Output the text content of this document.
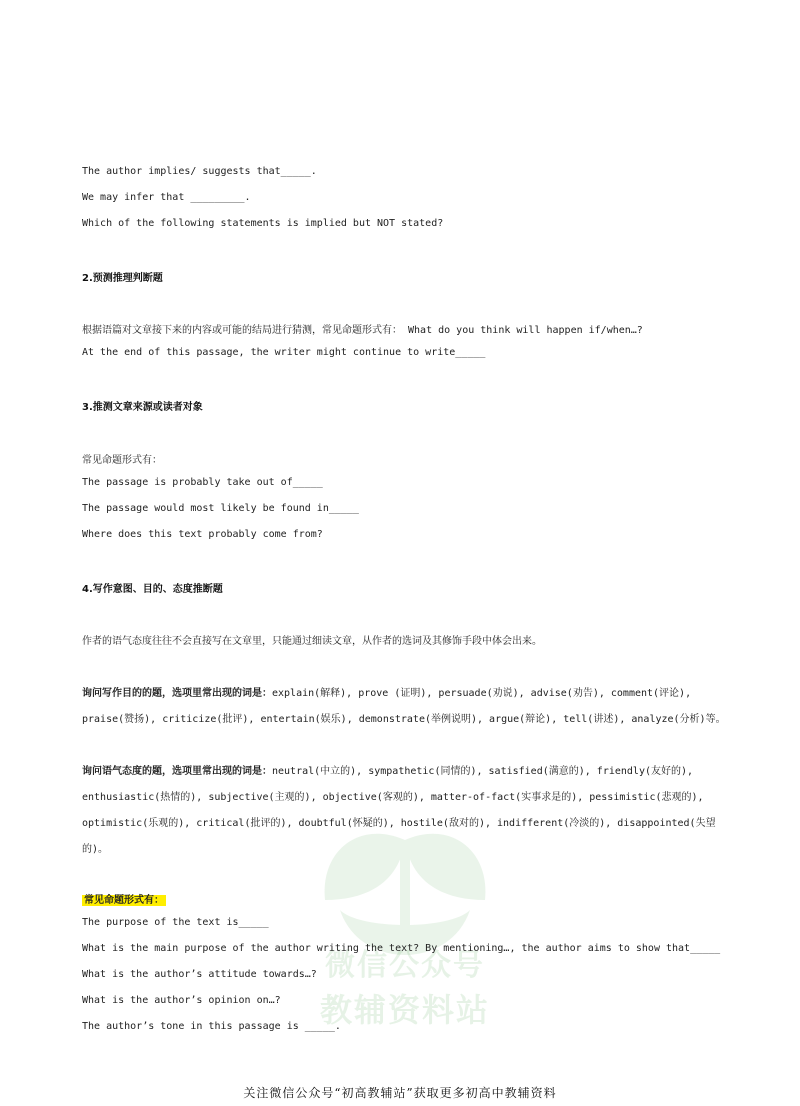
微信公众号
教辅资料站
The author implies/ suggests that_____.
We may infer that _________.
Which of the following statements is implied but NOT stated?
2.预测推理判断题
根据语篇对文章接下来的内容或可能的结局进行猜测，常见命题形式有： What do you think will happen if/when…?
At the end of this passage, the writer might continue to write_____
3.推测文章来源或读者对象
常见命题形式有：
The passage is probably take out of_____
The passage would most likely be found in_____
Where does this text probably come from?
4.写作意图、目的、态度推断题
作者的语气态度往往不会直接写在文章里，只能通过细读文章，从作者的选词及其修饰手段中体会出来。
询问写作目的的题，选项里常出现的词是：explain(解释), prove (证明), persuade(劝说), advise(劝告), comment(评论),
praise(赞扬), criticize(批评), entertain(娱乐), demonstrate(举例说明), argue(辩论), tell(讲述), analyze(分析)等。
询问语气态度的题，选项里常出现的词是：neutral(中立的), sympathetic(同情的), satisfied(满意的), friendly(友好的),
enthusiastic(热情的), subjective(主观的), objective(客观的), matter-of-fact(实事求是的), pessimistic(悲观的),
optimistic(乐观的), critical(批评的), doubtful(怀疑的), hostile(敌对的), indifferent(冷淡的), disappointed(失望
的)。
常见命题形式有：
The purpose of the text is_____
What is the main purpose of the author writing the text? By mentioning…, the author aims to show that_____
What is the author’s attitude towards…?
What is the author’s opinion on…?
The author’s tone in this passage is _____.
关注微信公众号“初高教辅站”获取更多初高中教辅资料
